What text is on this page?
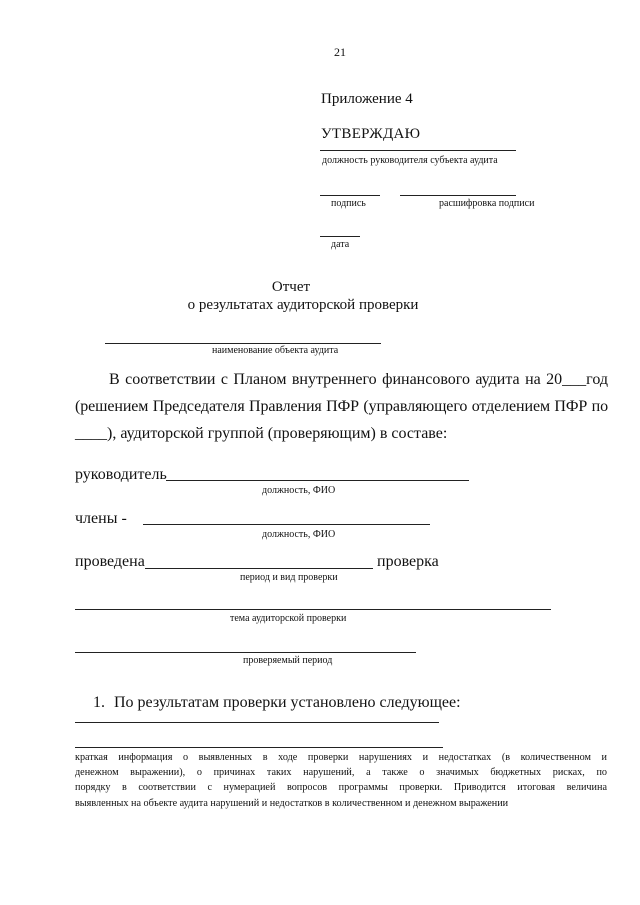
21
Приложение 4
УТВЕРЖДАЮ
должность руководителя субъекта аудита
подпись	расшифровка подписи
дата
Отчет
о результатах аудиторской проверки
наименование объекта аудита
В соответствии с Планом внутреннего финансового аудита на 20___год
(решением Председателя Правления ПФР (управляющего отделением ПФР по
____), аудиторской группой (проверяющим) в составе:
руководитель
должность, ФИО
члены -
должность, ФИО
проведена	проверка
период и вид проверки
тема аудиторской проверки
проверяемый период
1. По результатам проверки установлено следующее:
краткая информация о выявленных в ходе проверки нарушениях и недостатках (в количественном и
денежном выражении), о причинах таких нарушений, а также о значимых бюджетных рисках, по
порядку в соответствии с нумерацией вопросов программы проверки. Приводится итоговая величина
выявленных на объекте аудита нарушений и недостатков в количественном и денежном выражении
